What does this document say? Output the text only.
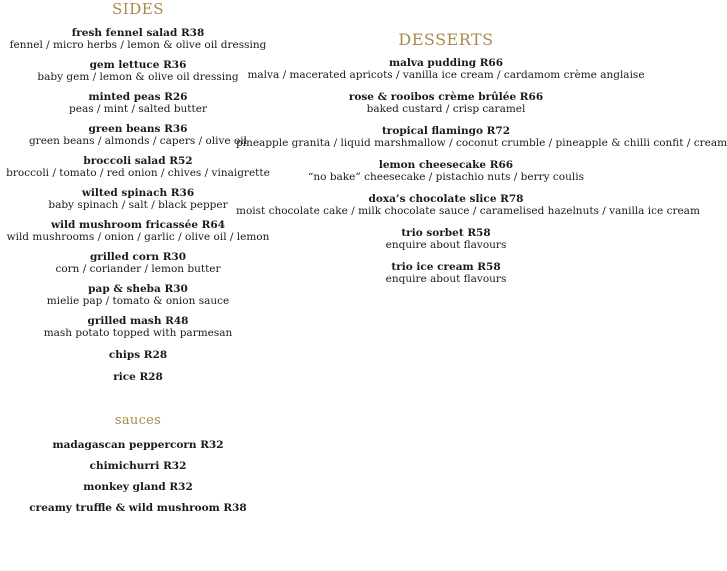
SIDES
fresh fennel salad R38
fennel / micro herbs / lemon & olive oil dressing
gem lettuce R36
baby gem / lemon & olive oil dressing
minted peas R26
peas / mint / salted butter
green beans R36
green beans / almonds / capers / olive oil
broccoli salad R52
broccoli / tomato / red onion / chives / vinaigrette
wilted spinach R36
baby spinach / salt / black pepper
wild mushroom fricassée R64
wild mushrooms / onion / garlic / olive oil / lemon
grilled corn R30
corn / coriander / lemon butter
pap & sheba R30
mielie pap / tomato & onion sauce
grilled mash R48
mash potato topped with parmesan
chips R28
rice R28
sauces
madagascan peppercorn R32
chimichurri R32
monkey gland R32
creamy truffle & wild mushroom R38
DESSERTS
malva pudding R66
malva / macerated apricots / vanilla ice cream / cardamom crème anglaise
rose & rooibos crème brûlée R66
baked custard / crisp caramel
tropical flamingo R72
pineapple granita / liquid marshmallow / coconut crumble / pineapple & chilli confit / cream
lemon cheesecake R66
“no bake” cheesecake / pistachio nuts / berry coulis
doxa’s chocolate slice R78
moist chocolate cake / milk chocolate sauce / caramelised hazelnuts / vanilla ice cream
trio sorbet R58
enquire about flavours
trio ice cream R58
enquire about flavours
